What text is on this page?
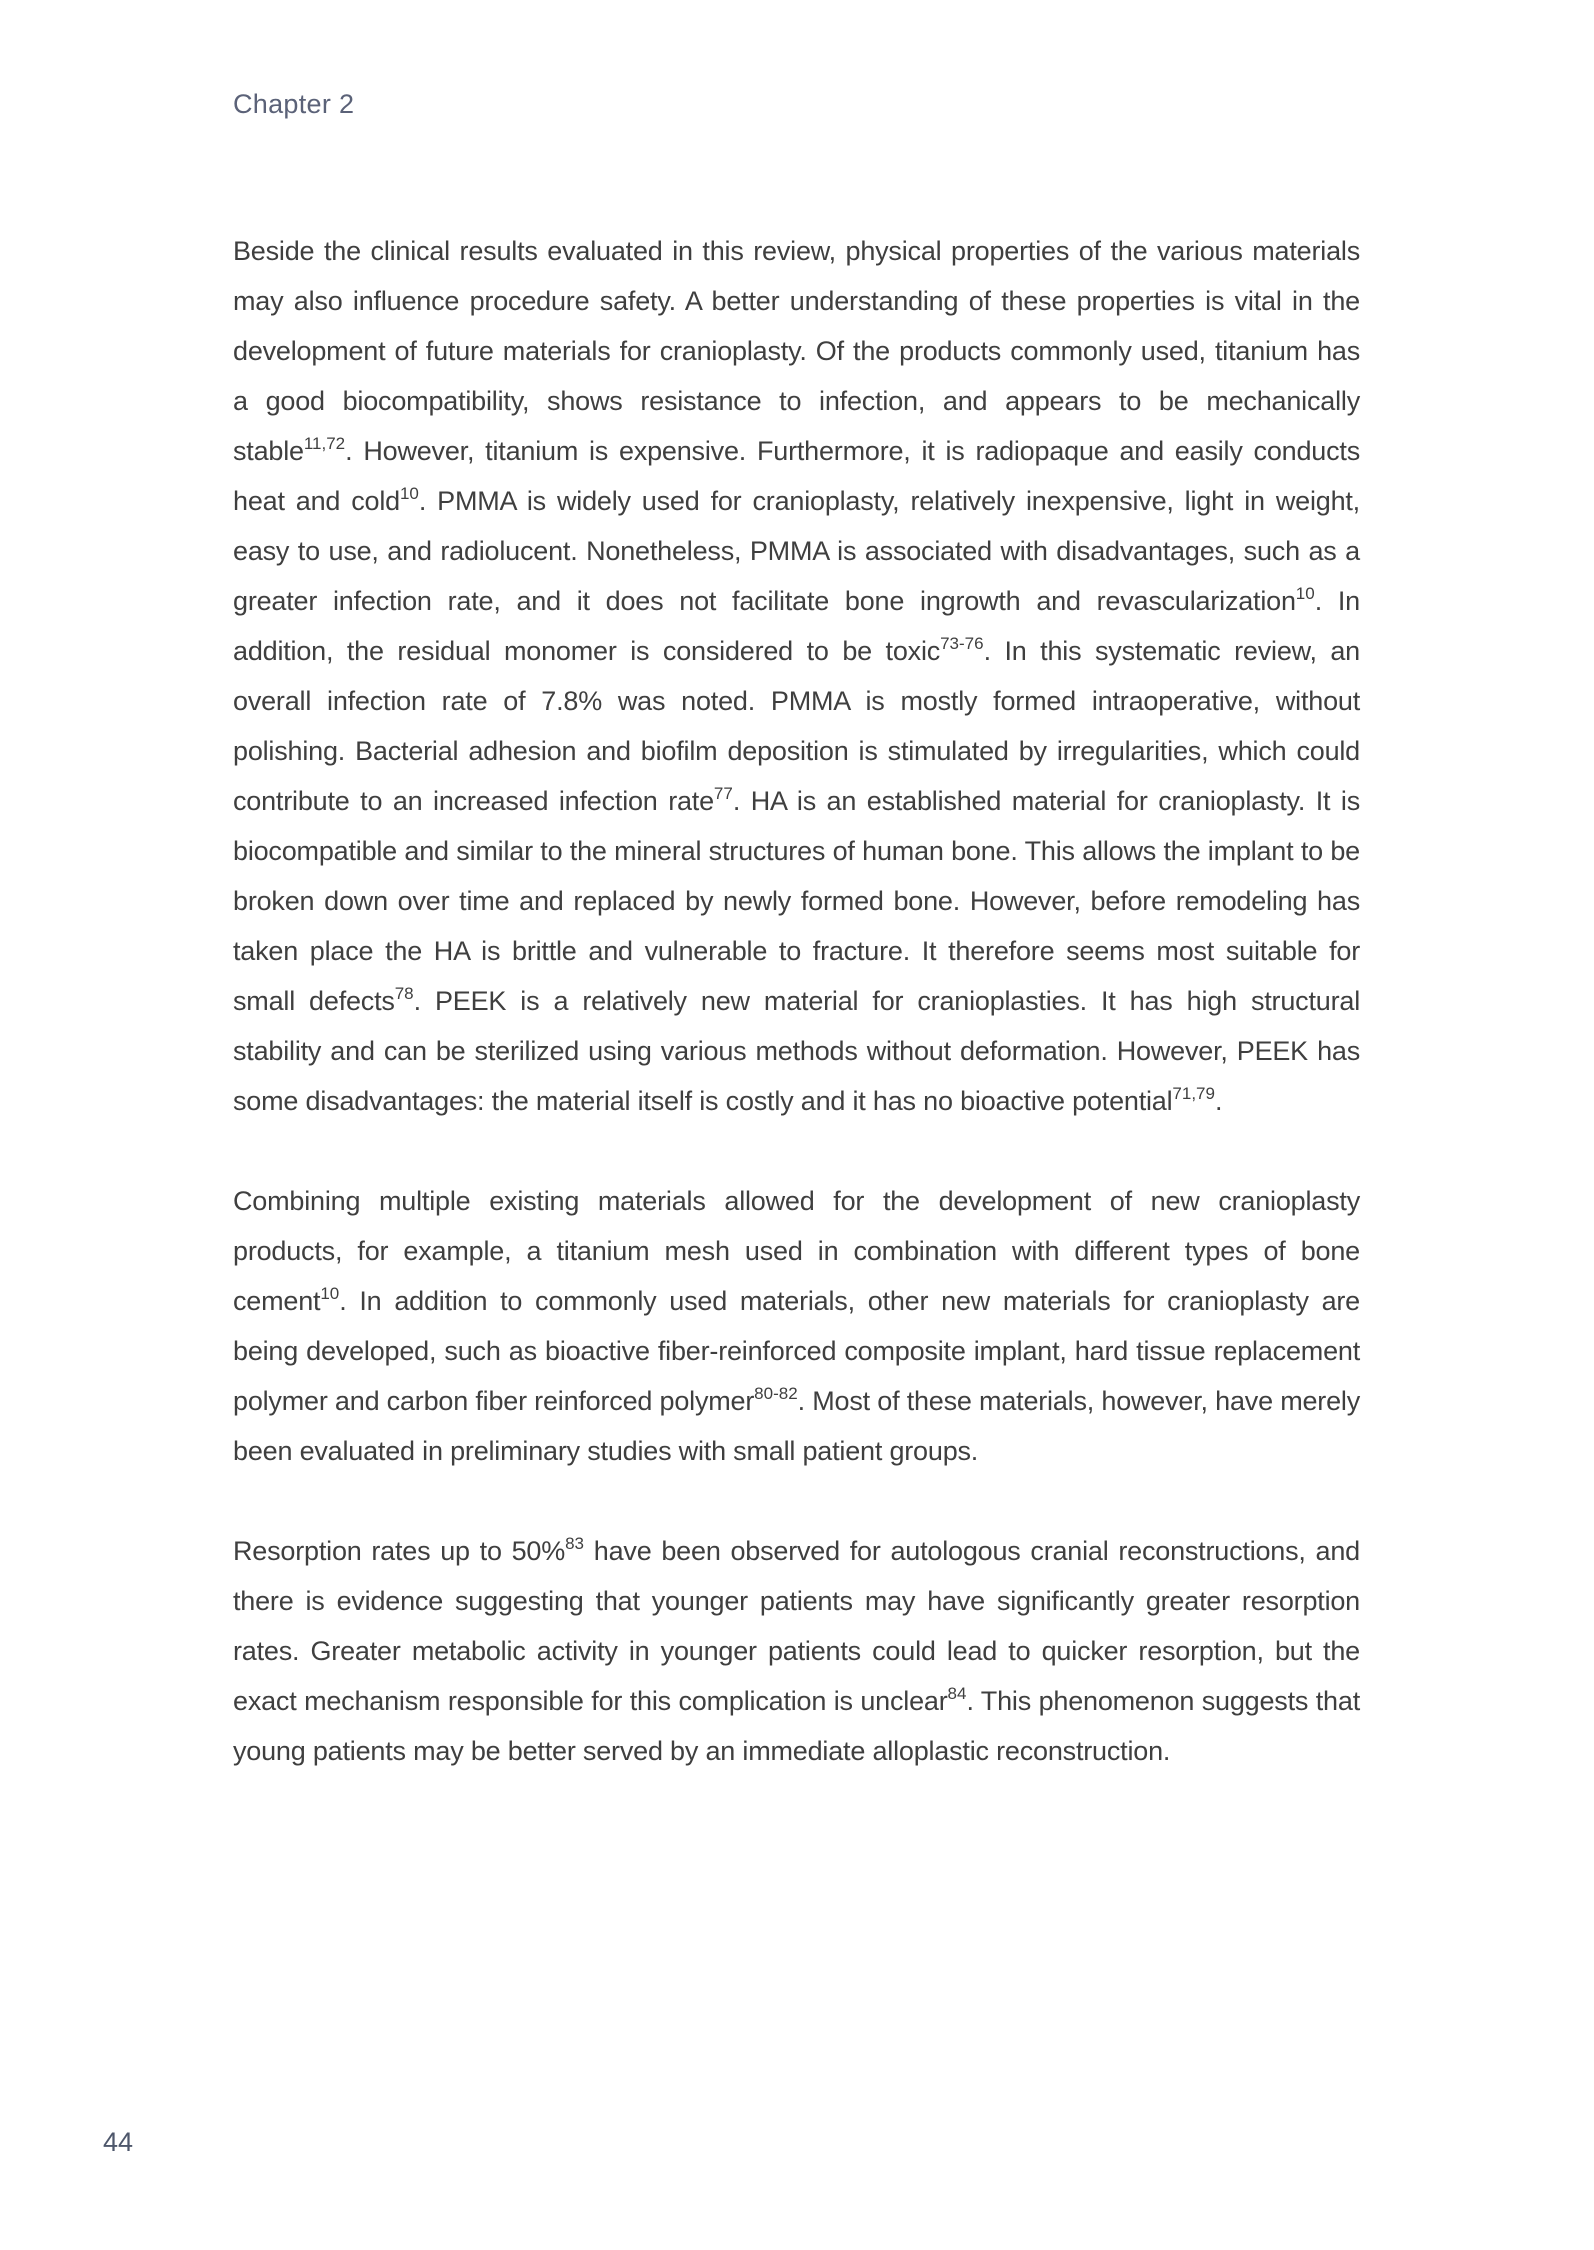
Chapter 2

Beside the clinical results evaluated in this review, physical properties of the various materials may also influence procedure safety. A better understanding of these properties is vital in the development of future materials for cranioplasty. Of the products commonly used, titanium has a good biocompatibility, shows resistance to infection, and appears to be mechanically stable$^{11,72}$. However, titanium is expensive. Furthermore, it is radiopaque and easily conducts heat and cold$^{10}$. PMMA is widely used for cranioplasty, relatively inexpensive, light in weight, easy to use, and radiolucent. Nonetheless, PMMA is associated with disadvantages, such as a greater infection rate, and it does not facilitate bone ingrowth and revascularization$^{10}$. In addition, the residual monomer is considered to be toxic$^{73-76}$. In this systematic review, an overall infection rate of 7.8% was noted. PMMA is mostly formed intraoperative, without polishing. Bacterial adhesion and biofilm deposition is stimulated by irregularities, which could contribute to an increased infection rate$^{77}$. HA is an established material for cranioplasty. It is biocompatible and similar to the mineral structures of human bone. This allows the implant to be broken down over time and replaced by newly formed bone. However, before remodeling has taken place the HA is brittle and vulnerable to fracture. It therefore seems most suitable for small defects$^{78}$. PEEK is a relatively new material for cranioplasties. It has high structural stability and can be sterilized using various methods without deformation. However, PEEK has some disadvantages: the material itself is costly and it has no bioactive potential$^{71,79}$.

Combining multiple existing materials allowed for the development of new cranioplasty products, for example, a titanium mesh used in combination with different types of bone cement$^{10}$. In addition to commonly used materials, other new materials for cranioplasty are being developed, such as bioactive fiber-reinforced composite implant, hard tissue replacement polymer and carbon fiber reinforced polymer$^{80-82}$. Most of these materials, however, have merely been evaluated in preliminary studies with small patient groups.

Resorption rates up to 50%$^{83}$ have been observed for autologous cranial reconstructions, and there is evidence suggesting that younger patients may have significantly greater resorption rates. Greater metabolic activity in younger patients could lead to quicker resorption, but the exact mechanism responsible for this complication is unclear$^{84}$. This phenomenon suggests that young patients may be better served by an immediate alloplastic reconstruction.

44
